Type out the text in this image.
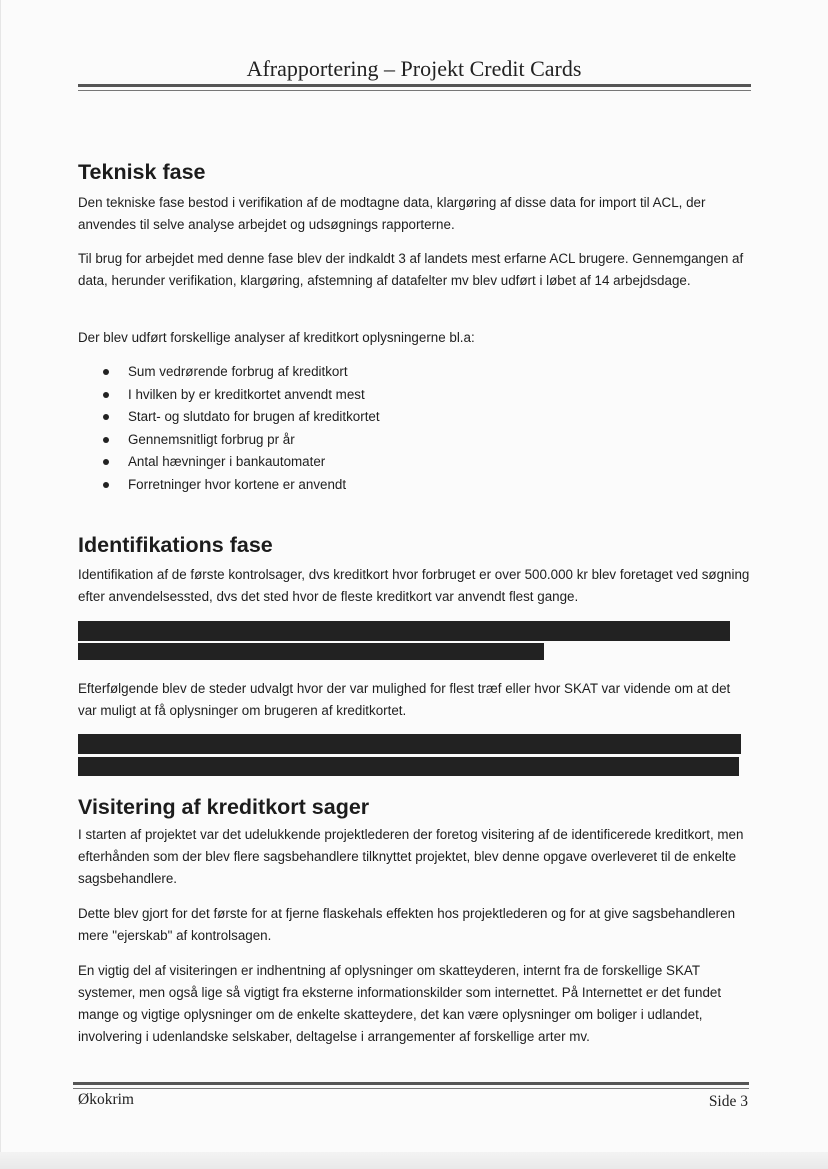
Afrapportering – Projekt Credit Cards
Teknisk fase

Den tekniske fase bestod i verifikation af de modtagne data, klargøring af disse data for import til ACL, der anvendes til selve analyse arbejdet og udsøgnings rapporterne.

Til brug for arbejdet med denne fase blev der indkaldt 3 af landets mest erfarne ACL brugere. Gennemgangen af data, herunder verifikation, klargøring, afstemning af datafelter mv blev udført i løbet af 14 arbejdsdage.

Der blev udført forskellige analyser af kreditkort oplysningerne bl.a:

Sum vedrørende forbrug af kreditkort
I hvilken by er kreditkortet anvendt mest
Start- og slutdato for brugen af kreditkortet
Gennemsnitligt forbrug pr år
Antal hævninger i bankautomater
Forretninger hvor kortene er anvendt
Identifikations fase

Identifikation af de første kontrolsager, dvs kreditkort hvor forbruget er over 500.000 kr blev foretaget ved søgning efter anvendelsessted, dvs det sted hvor de fleste kreditkort var anvendt flest gange.

Efterfølgende blev de steder udvalgt hvor der var mulighed for flest træf eller hvor SKAT var vidende om at det var muligt at få oplysninger om brugeren af kreditkortet.

Visitering af kreditkort sager

I starten af projektet var det udelukkende projektlederen der foretog visitering af de identificerede kreditkort, men efterhånden som der blev flere sagsbehandlere tilknyttet projektet, blev denne opgave overleveret til de enkelte sagsbehandlere.

Dette blev gjort for det første for at fjerne flaskehals effekten hos projektlederen og for at give sagsbehandleren mere "ejerskab" af kontrolsagen.

En vigtig del af visiteringen er indhentning af oplysninger om skatteyderen, internt fra de forskellige SKAT systemer, men også lige så vigtigt fra eksterne informationskilder som internettet. På Internettet er det fundet mange og vigtige oplysninger om de enkelte skatteydere, det kan være oplysninger om boliger i udlandet, involvering i udenlandske selskaber, deltagelse i arrangementer af forskellige arter mv.

Økokrim	Side 3
